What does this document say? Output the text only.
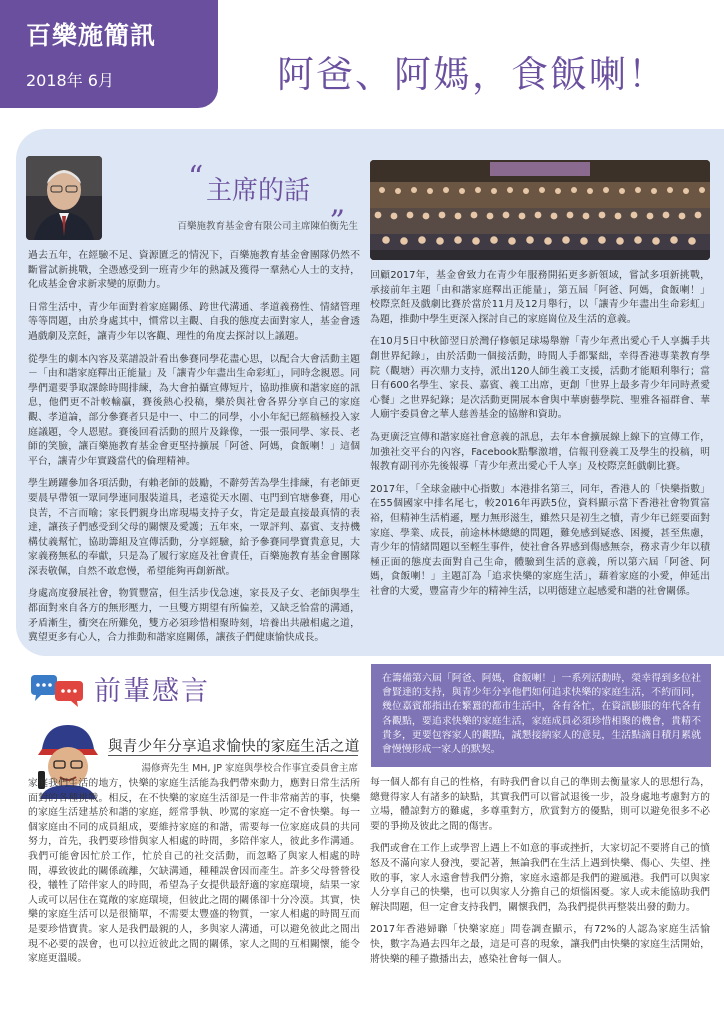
百樂施簡訊
2018年 6月	阿爸、阿媽，食飯喇！
“ 主席的話 „
百樂施教育基金會有限公司主席陳伯衡先生

過去五年，在經驗不足、資源匱乏的情況下，百樂施教育基金會團隊仍然不斷嘗試新挑戰，全憑感受到一班青少年的熱誠及獲得一羣熱心人士的支持，化成基金會求新求變的原動力。

日常生活中，青少年面對着家庭關係、跨世代溝通、孝道義務性、情緒管理等等問題，由於身處其中，慣常以主觀、自我的態度去面對家人，基金會透過戲劇及烹飪，讓青少年以客觀、理性的角度去探討以上議題。

從學生的劇本內容及菜譜設計看出參賽同學花盡心思，以配合大會活動主題－「由和諧家庭釋出正能量」及「讓青少年盡出生命彩虹」，同時念親恩。同學們還要爭取課餘時間排練，為大會拍攝宣傳短片，協助推廣和諧家庭的訊息，他們更不計較輸贏，賽後熱心投稿，樂於與社會各界分享自己的家庭觀、孝道論，部分參賽者只是中一、中二的同學，小小年紀已經稿極投入家庭議題，令人恩慰。賽後回看活動的照片及錄像，一張一張同學、家長、老師的笑臉，讓百樂施教育基金會更堅持擴展「阿爸、阿媽，食飯喇！」這個平台，讓青少年實踐當代的倫理精神。

學生踴躍參加各項活動，有賴老師的鼓勵，不辭勞苦為學生排練，有老師更要晨早帶領一眾同學連同服裝道具，老遠從天水圍、屯門到官塘參賽，用心良苦，不言而喻；家長們親身出席現場支持子女，肯定是最直接最真情的表達，讓孩子們感受到父母的關懷及愛護；五年來，一眾評判、嘉賓、支持機構仗義幫忙，協助籌組及宣傳活動，分享經驗，給予參賽同學寶貴意見，大家義務無私的奉獻，只是為了履行家庭及社會責任，百樂施教育基金會團隊深表敬佩，自然不敢怠慢，希望能夠再創新猷。

身處高度發展社會，物質豐富，但生活步伐急速，家長及子女、老師與學生都面對來自各方的無形壓力，一旦雙方期望有所偏差，又缺乏恰當的溝通，矛盾漸生，衝突在所難免，雙方必須珍惜相聚時刻，培養出共融相處之道，冀望更多有心人，合力推動和諧家庭關係，讓孩子們健康愉快成長。

回顧2017年，基金會致力在青少年服務開拓更多新領域，嘗試多項新挑戰，承接前年主題「由和諧家庭釋出正能量」，第五屆「阿爸、阿媽，食飯喇！」校際烹飪及戲劇比賽於當於11月及12月舉行，以「讓青少年盡出生命彩虹」為題，推動中學生更深入探討自己的家庭崗位及生活的意義。

在10月5日中秋節翌日於灣仔修頓足球場舉辦「青少年煮出愛心千人享攜手共創世界紀錄」，由於活動一個接活動，時間人手都緊絀，幸得香港專業教育學院（觀塘）再次鼎力支持，派出120人師生義工支援，活動才能順利舉行；當日有600名學生、家長、嘉賓、義工出席，更創「世界上最多青少年同時煮愛心餐」之世界紀錄；是次活動更開展本會與中華廚藝學院、聖雅各福群會、華人廟宇委員會之華人慈善基金的協辦和資助。

為更廣泛宣傳和諧家庭社會意義的訊息，去年本會擴展線上線下的宣傳工作，加強社交平台的內容，Facebook點擊激增，信報刊登義工及學生的投稿，明報教育副刊亦先後報導「青少年煮出愛心千人享」及校際烹飪戲劇比賽。

2017年，「全球金融中心指數」本港排名第三，同年，香港人的「快樂指數」在55個國家中排名尾七，較2016年再跌5位，資料顯示當下香港社會物質富裕，但精神生活梢遜，壓力無形滋生，雖然只是初生之犢，青少年已經要面對家庭、學業、成長，前途林林總總的問題，難免感到疑惑、困擾，甚至焦慮，青少年的情緒問題以至輕生事件，使社會各界感到傷感無奈，務求青少年以積極正面的態度去面對自己生命，體驗到生活的意義，所以第六屆「阿爸、阿媽，食飯喇！」主題訂為「追求快樂的家庭生活」，藉着家庭的小愛，伸延出社會的大愛，豐富青少年的精神生活，以明德建立起感愛和諧的社會關係。

前輩感言	在籌備第六屆「阿爸、阿媽，食飯喇！」一系列活動時，榮幸得到多位社會賢達的支持，與青少年分享他們如何追求快樂的家庭生活，不約而同，幾位嘉賓都指出在繁囂的都市生活中，各有各忙，在資訊膨脹的年代各有各觀點，要追求快樂的家庭生活，家庭成員必須珍惜相聚的機會，貴精不貴多，更要包容家人的觀點，誠懇接納家人的意見，生活點滴日積月累就會慢慢形成一家人的默契。
與青少年分享追求愉快的家庭生活之道
湯修齊先生 MH, JP 家庭與學校合作事宜委員會主席

家庭我們生活的地方，快樂的家庭生活能為我們帶來動力，應對日常生活所面對的各種挑戰。相反，在不快樂的家庭生活卻是一件非常痛苦的事，快樂的家庭生活建基於和諧的家庭，經常爭執、吵罵的家庭一定不會快樂。每一個家庭由不同的成員組成，要維持家庭的和諧，需要每一位家庭成員的共同努力，首先，我們要珍惜與家人相處的時間，多陪伴家人，彼此多作溝通。我們可能會因忙於工作，忙於自己的社交活動，而忽略了與家人相處的時間，導致彼此的關係疏離，欠缺溝通，種種誤會因而產生。許多父母營營役役，犧牲了陪伴家人的時間，希望為子女提供最舒適的家庭環境，結果一家人或可以居住在寬敞的家庭環境，但彼此之間的關係卻十分冷漠。其實，快樂的家庭生活可以是很簡單，不需要太豐盛的物質，一家人相處的時間互而是要珍惜寶貴。家人是我們最親的人，多與家人溝通，可以避免彼此之間出現不必要的誤會，也可以拉近彼此之間的關係，家人之間的互相關懷，能令家庭更溫暖。

每一個人都有自己的性格，有時我們會以自己的準則去衡量家人的思想行為，總覺得家人有諸多的缺點，其實我們可以嘗試退後一步，設身處地考慮對方的立場，體諒對方的難處，多尊重對方，欣賞對方的優點，則可以避免很多不必要的爭拗及彼此之間的傷害。

我們或會在工作上或學習上遇上不如意的事或挫折，大家切記不要將自己的憤怒及不滿向家人發洩，要記著，無論我們在生活上遇到快樂、傷心、失望、挫敗的事，家人永遠會替我們分擔，家庭永遠都是我們的避風港。我們可以與家人分享自己的快樂，也可以與家人分擔自己的煩惱困憂。家人或未能協助我們解決問題，但一定會支持我們，關懷我們，為我們提供再整裝出發的動力。

2017年香港婦聯「快樂家庭」問卷調查顯示，有72%的人認為家庭生活愉快，數字為過去四年之最，這是可喜的現象，讓我們由快樂的家庭生活開始，將快樂的種子撒播出去，感染社會每一個人。
